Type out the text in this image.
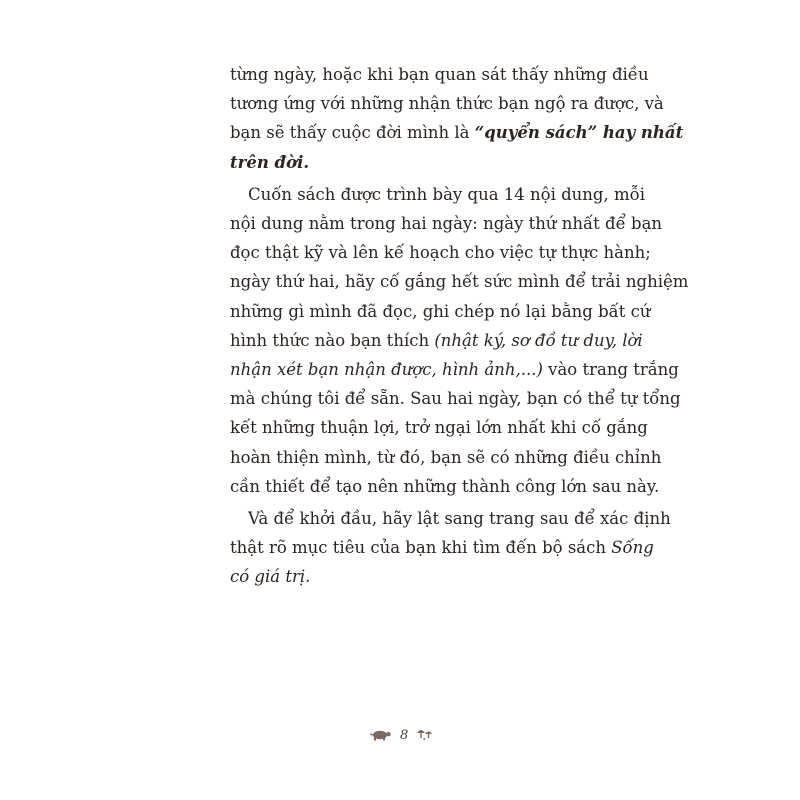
từng ngày, hoặc khi bạn quan sát thấy những điều
tương ứng với những nhận thức bạn ngộ ra được, và
bạn sẽ thấy cuộc đời mình là “quyển sách” hay nhất
trên đời.

Cuốn sách được trình bày qua 14 nội dung, mỗi
nội dung nằm trong hai ngày: ngày thứ nhất để bạn
đọc thật kỹ và lên kế hoạch cho việc tự thực hành;
ngày thứ hai, hãy cố gắng hết sức mình để trải nghiệm
những gì mình đã đọc, ghi chép nó lại bằng bất cứ
hình thức nào bạn thích (nhật ký, sơ đồ tư duy, lời
nhận xét bạn nhận được, hình ảnh,...) vào trang trắng
mà chúng tôi để sẵn. Sau hai ngày, bạn có thể tự tổng
kết những thuận lợi, trở ngại lớn nhất khi cố gắng
hoàn thiện mình, từ đó, bạn sẽ có những điều chỉnh
cần thiết để tạo nên những thành công lớn sau này.

Và để khởi đầu, hãy lật sang trang sau để xác định
thật rõ mục tiêu của bạn khi tìm đến bộ sách Sống
có giá trị.

8
